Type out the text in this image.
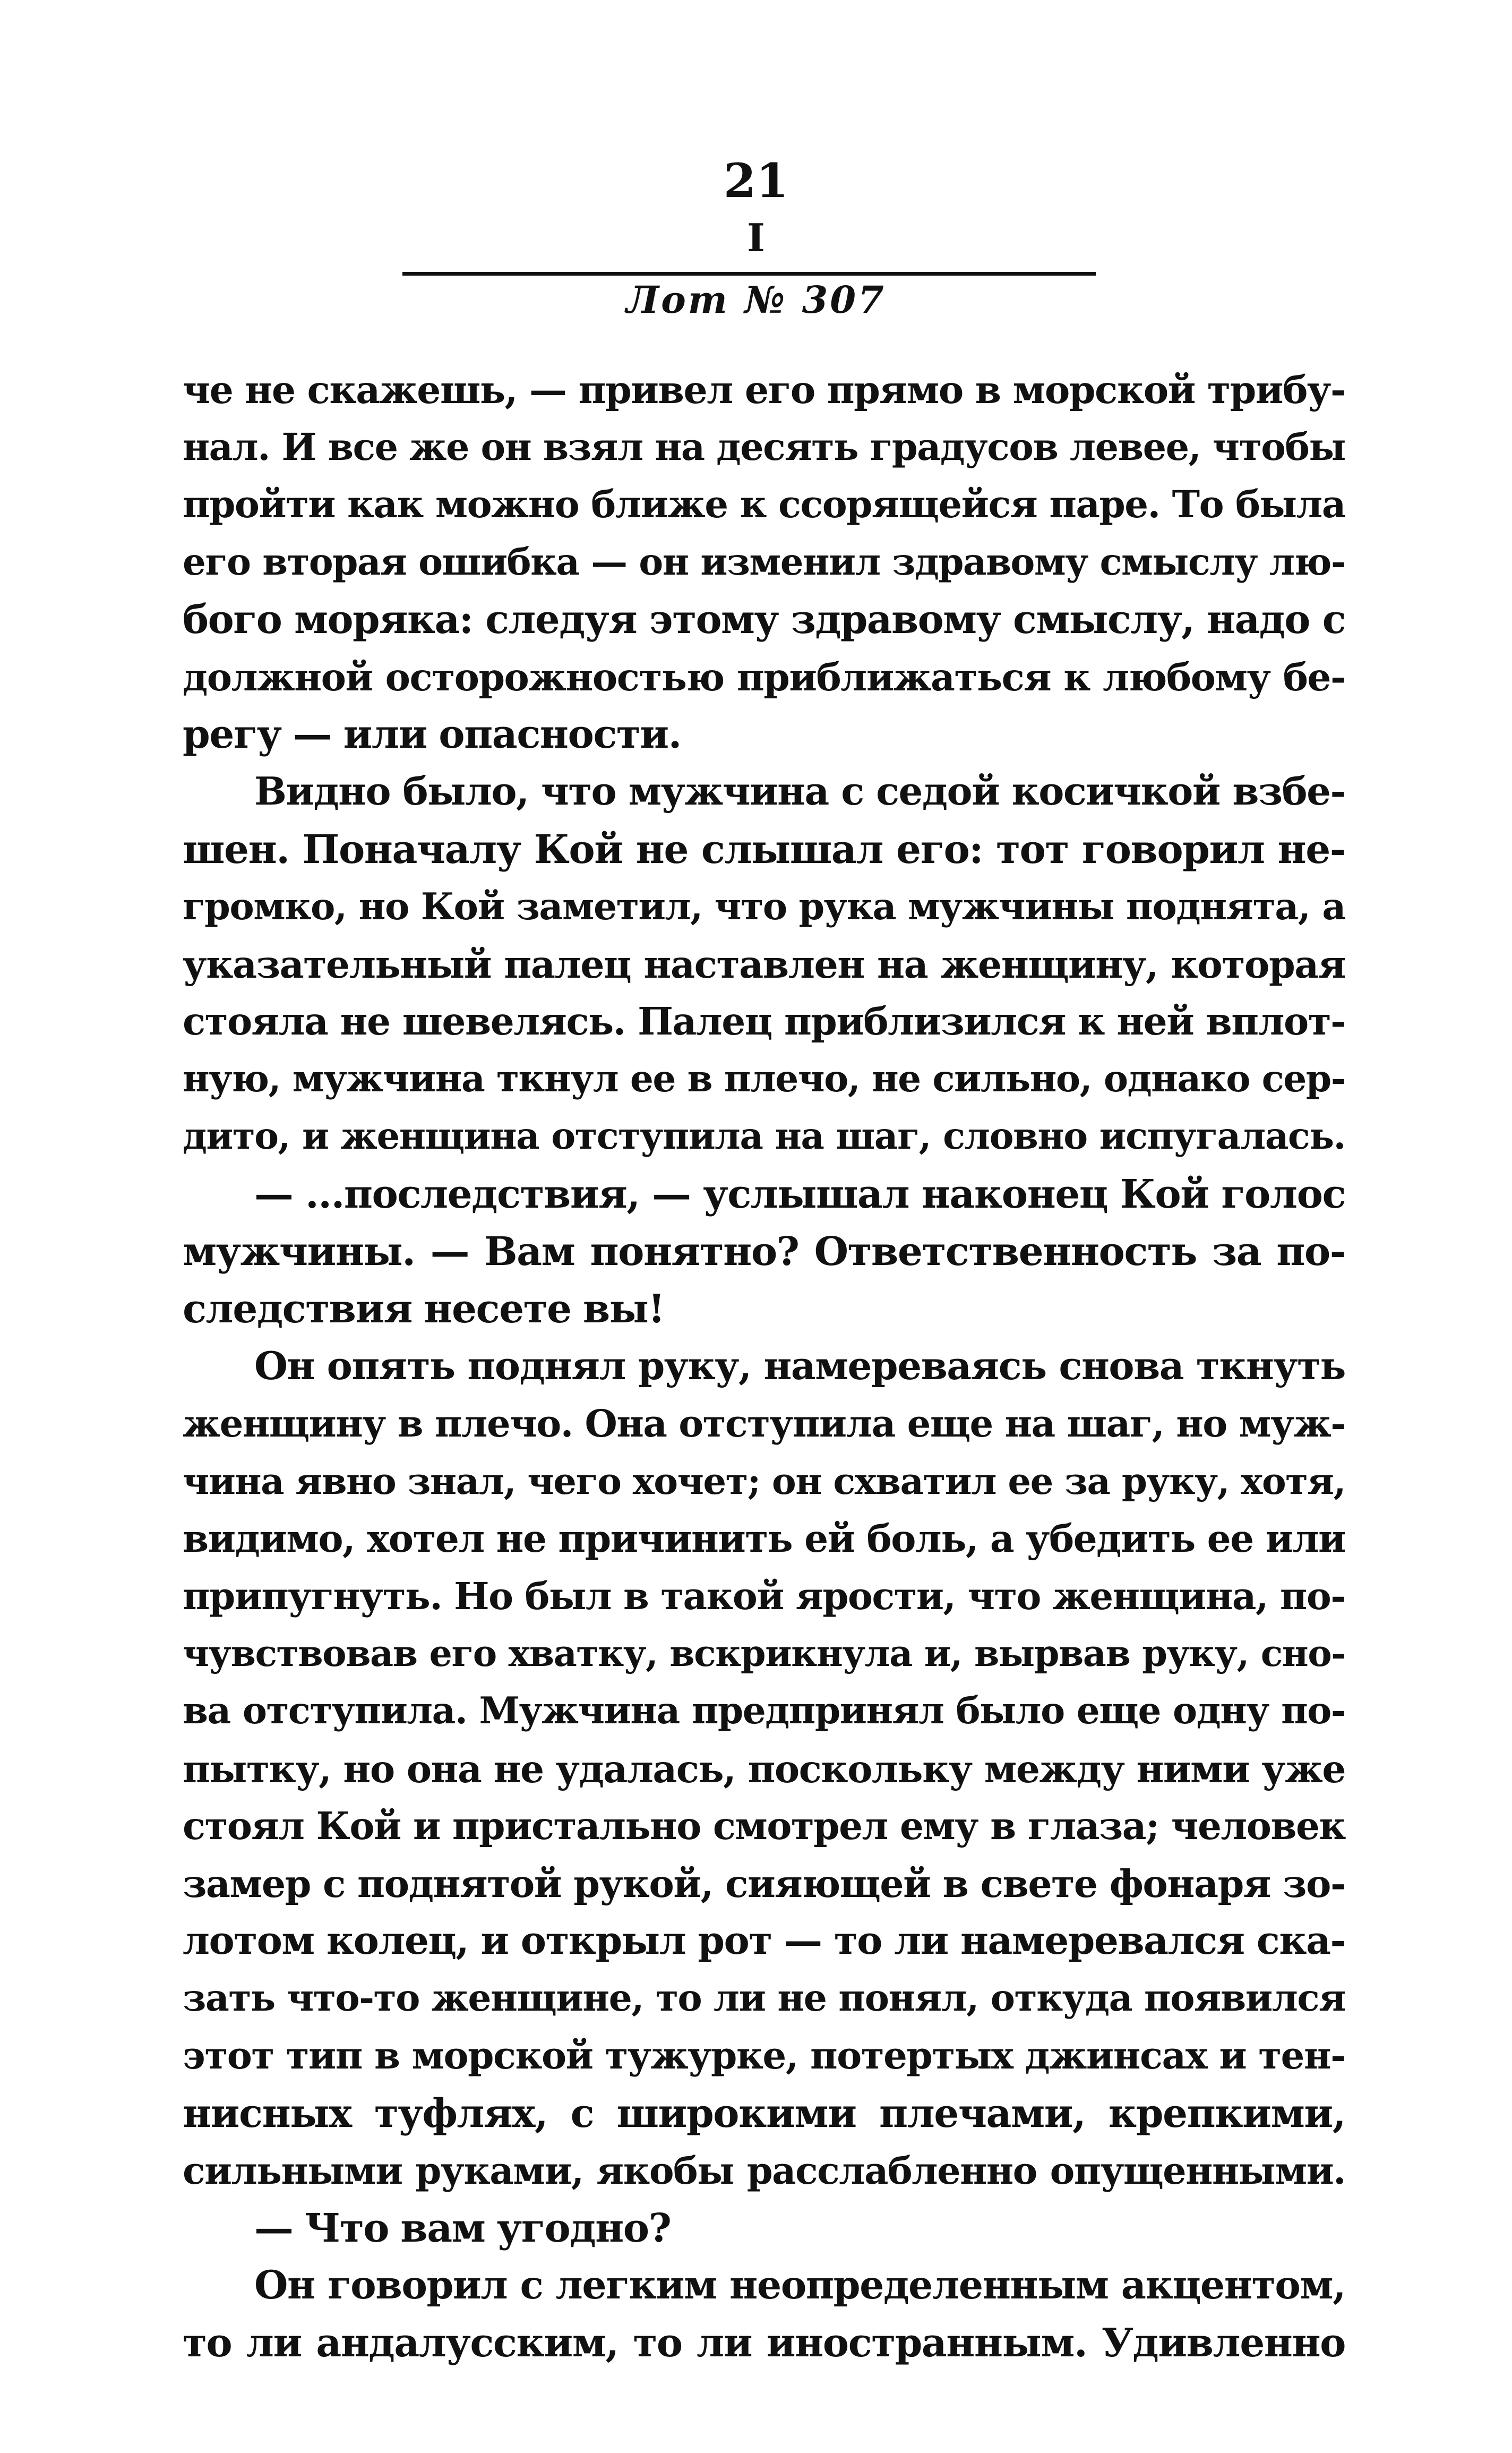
21
I
Лот № 307
че не скажешь, — привел его прямо в морской трибу-
нал. И все же он взял на десять градусов левее, чтобы
пройти как можно ближе к ссорящейся паре. То была
его вторая ошибка — он изменил здравому смыслу лю-
бого моряка: следуя этому здравому смыслу, надо с
должной осторожностью приближаться к любому бе-
регу — или опасности.
Видно было, что мужчина с седой косичкой взбе-
шен. Поначалу Кой не слышал его: тот говорил не-
громко, но Кой заметил, что рука мужчины поднята, а
указательный палец наставлен на женщину, которая
стояла не шевелясь. Палец приблизился к ней вплот-
ную, мужчина ткнул ее в плечо, не сильно, однако сер-
дито, и женщина отступила на шаг, словно испугалась.
— ...последствия, — услышал наконец Кой голос
мужчины. — Вам понятно? Ответственность за по-
следствия несете вы!
Он опять поднял руку, намереваясь снова ткнуть
женщину в плечо. Она отступила еще на шаг, но муж-
чина явно знал, чего хочет; он схватил ее за руку, хотя,
видимо, хотел не причинить ей боль, а убедить ее или
припугнуть. Но был в такой ярости, что женщина, по-
чувствовав его хватку, вскрикнула и, вырвав руку, сно-
ва отступила. Мужчина предпринял было еще одну по-
пытку, но она не удалась, поскольку между ними уже
стоял Кой и пристально смотрел ему в глаза; человек
замер с поднятой рукой, сияющей в свете фонаря зо-
лотом колец, и открыл рот — то ли намеревался ска-
зать что-то женщине, то ли не понял, откуда появился
этот тип в морской тужурке, потертых джинсах и тен-
нисных туфлях, с широкими плечами, крепкими,
сильными руками, якобы расслабленно опущенными.
— Что вам угодно?
Он говорил с легким неопределенным акцентом,
то ли андалусским, то ли иностранным. Удивленно
